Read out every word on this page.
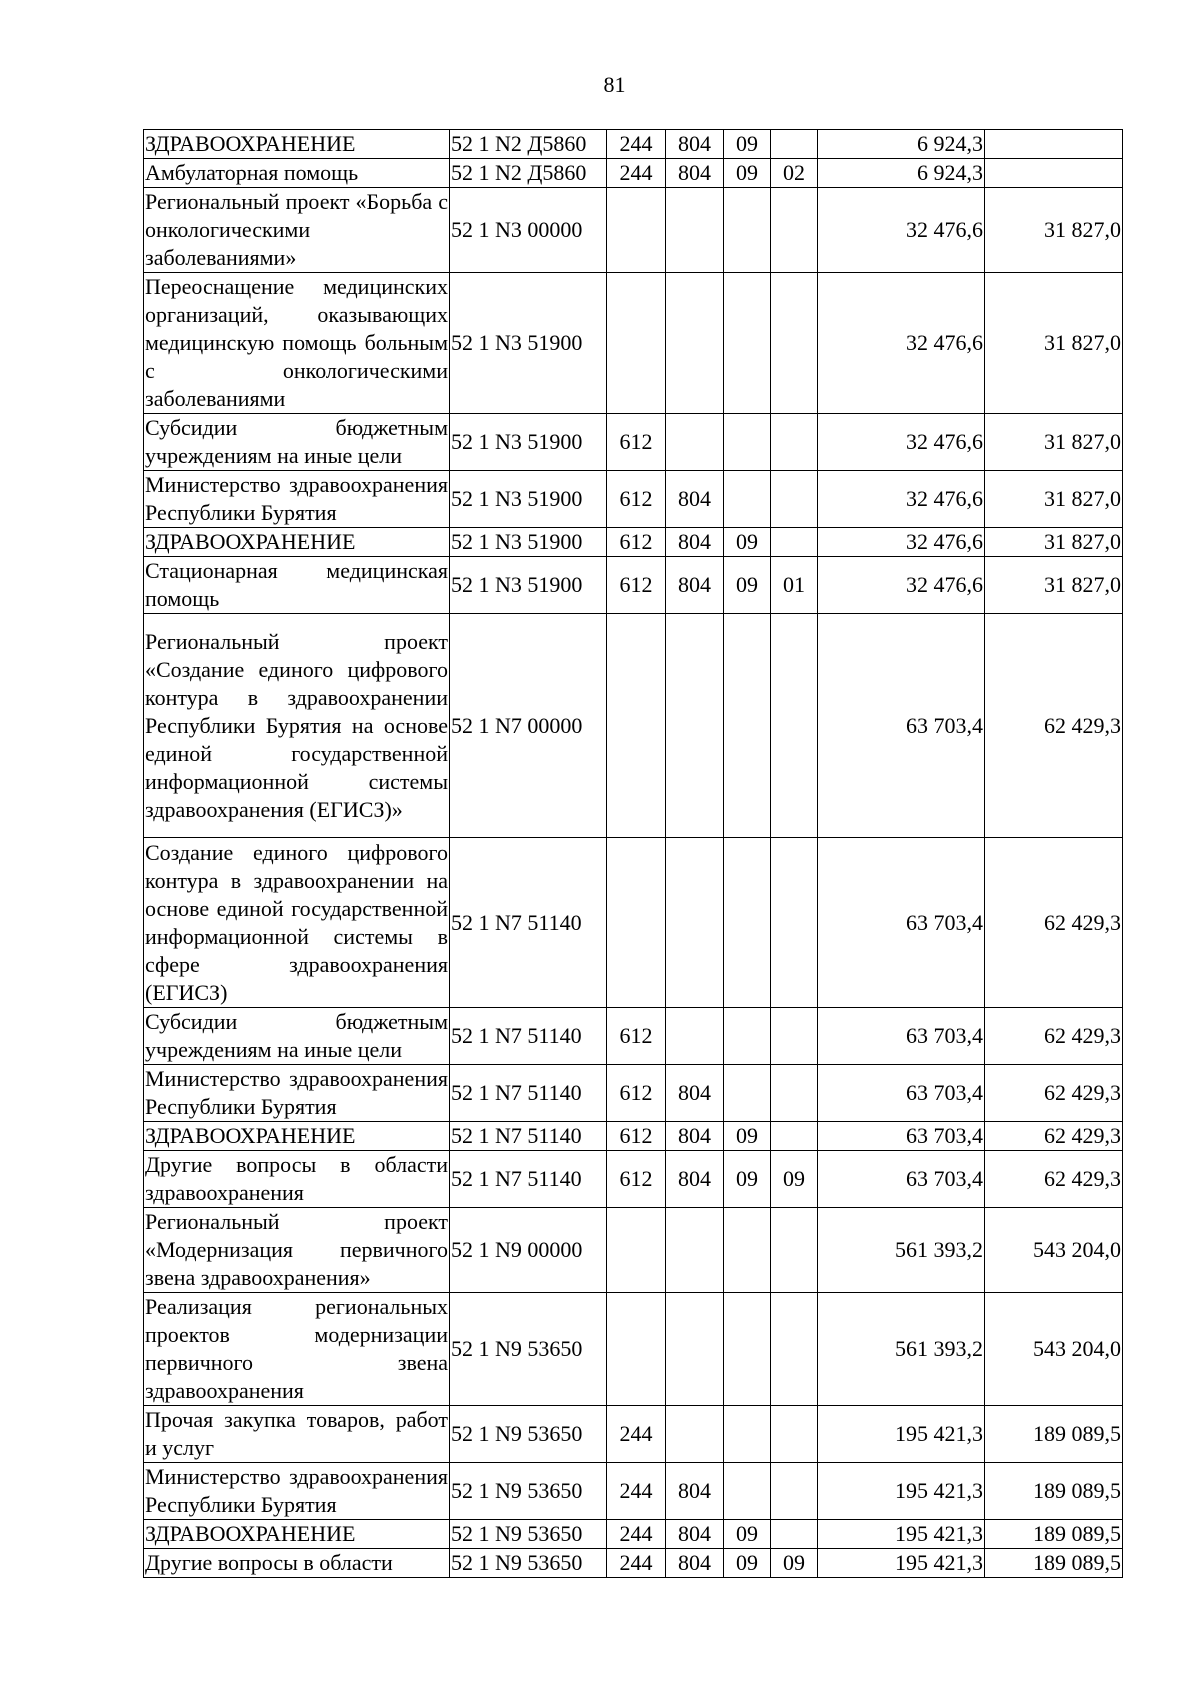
81
ЗДРАВООХРАНЕНИЕ	52 1 N2 Д5860	244	804	09		6 924,3	
Амбулаторная помощь	52 1 N2 Д5860	244	804	09	02	6 924,3	
Региональный проект «Борьба с онкологическими заболеваниями»	52 1 N3 00000					32 476,6	31 827,0
Переоснащение медицинских организаций, оказывающих медицинскую помощь больным с онкологическими заболеваниями	52 1 N3 51900					32 476,6	31 827,0
Субсидии бюджетным учреждениям на иные цели	52 1 N3 51900	612				32 476,6	31 827,0
Министерство здравоохранения Республики Бурятия	52 1 N3 51900	612	804			32 476,6	31 827,0
ЗДРАВООХРАНЕНИЕ	52 1 N3 51900	612	804	09		32 476,6	31 827,0
Стационарная медицинская помощь	52 1 N3 51900	612	804	09	01	32 476,6	31 827,0
Региональный проект «Создание единого цифрового контура в здравоохранении Республики Бурятия на основе единой государственной информационной системы здравоохранения (ЕГИСЗ)»	52 1 N7 00000					63 703,4	62 429,3
Создание единого цифрового контура в здравоохранении на основе единой государственной информационной системы в сфере здравоохранения (ЕГИСЗ)	52 1 N7 51140					63 703,4	62 429,3
Субсидии бюджетным учреждениям на иные цели	52 1 N7 51140	612				63 703,4	62 429,3
Министерство здравоохранения Республики Бурятия	52 1 N7 51140	612	804			63 703,4	62 429,3
ЗДРАВООХРАНЕНИЕ	52 1 N7 51140	612	804	09		63 703,4	62 429,3
Другие вопросы в области здравоохранения	52 1 N7 51140	612	804	09	09	63 703,4	62 429,3
Региональный проект «Модернизация первичного звена здравоохранения»	52 1 N9 00000					561 393,2	543 204,0
Реализация региональных проектов модернизации первичного звена здравоохранения	52 1 N9 53650					561 393,2	543 204,0
Прочая закупка товаров, работ и услуг	52 1 N9 53650	244				195 421,3	189 089,5
Министерство здравоохранения Республики Бурятия	52 1 N9 53650	244	804			195 421,3	189 089,5
ЗДРАВООХРАНЕНИЕ	52 1 N9 53650	244	804	09		195 421,3	189 089,5
Другие вопросы в области	52 1 N9 53650	244	804	09	09	195 421,3	189 089,5
